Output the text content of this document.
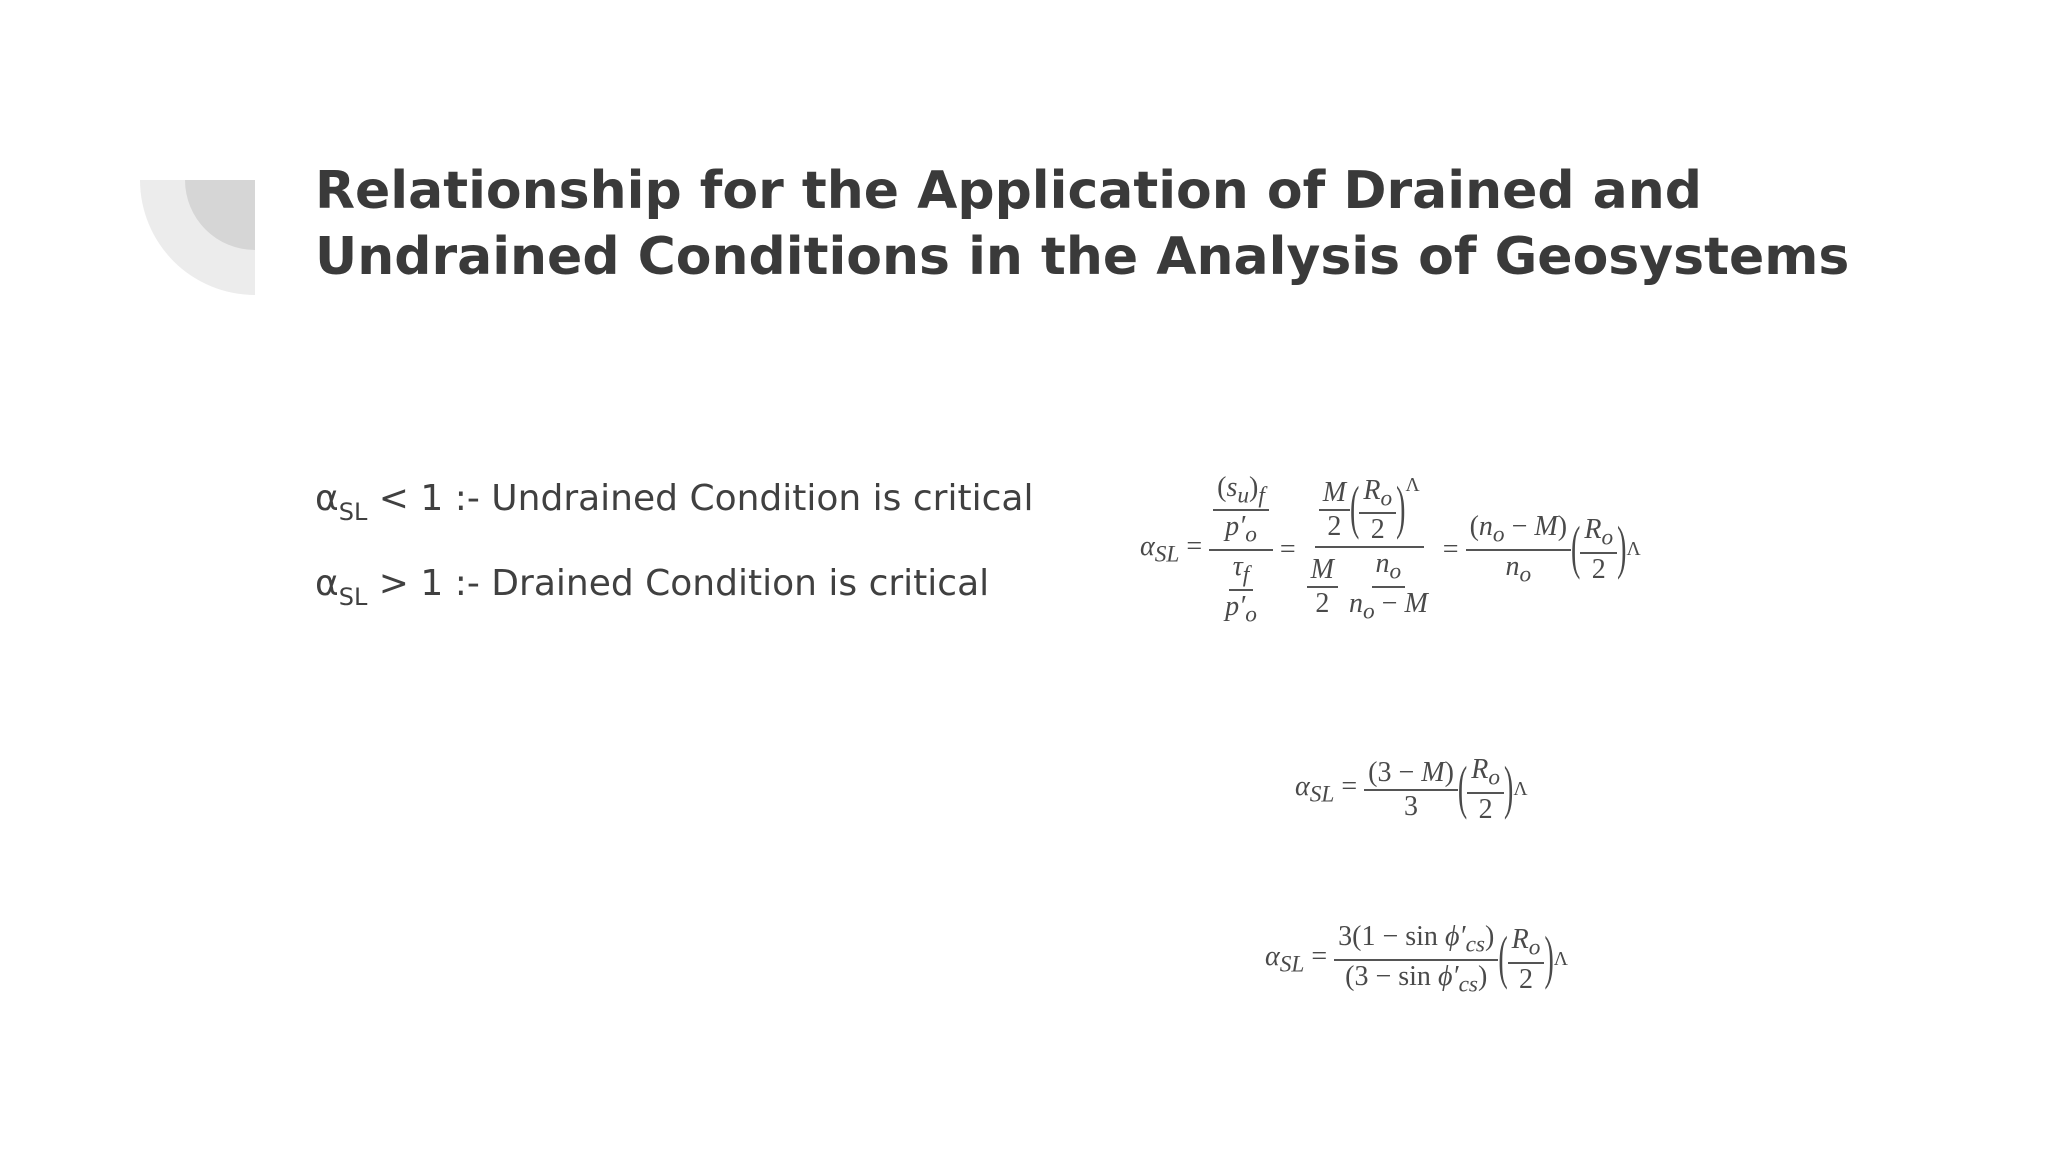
Relationship for the Application of Drained and Undrained Conditions in the Analysis of Geosystems
$\alpha_{SL} < 1$ :- Undrained Condition is critical
$\alpha_{SL} > 1$ :- Drained Condition is critical
$\alpha_{SL} = \frac{\frac{(s_u)_f}{p'_o}}{\frac{\tau_f}{p'_o}} = \frac{M}{2}$ ( $\frac{R_o}{2} )^\Lambda$
$\frac{M}{2}$
$\frac{n_o}{n_o - M} = \frac{(n_o - M)}{n_o}$ ( $\frac{R_o}{2}$ ) Λ
$\alpha_{SL} = \frac{(3 - M)}{3}$ ( $\frac{R_o}{2}$ ) Λ
$\alpha_{SL} = \frac{3(1 - \sin \phi'_{cs})}{(3 - \sin \phi'_{cs})}$ ( $\frac{R_o}{2}$ ) Λ
